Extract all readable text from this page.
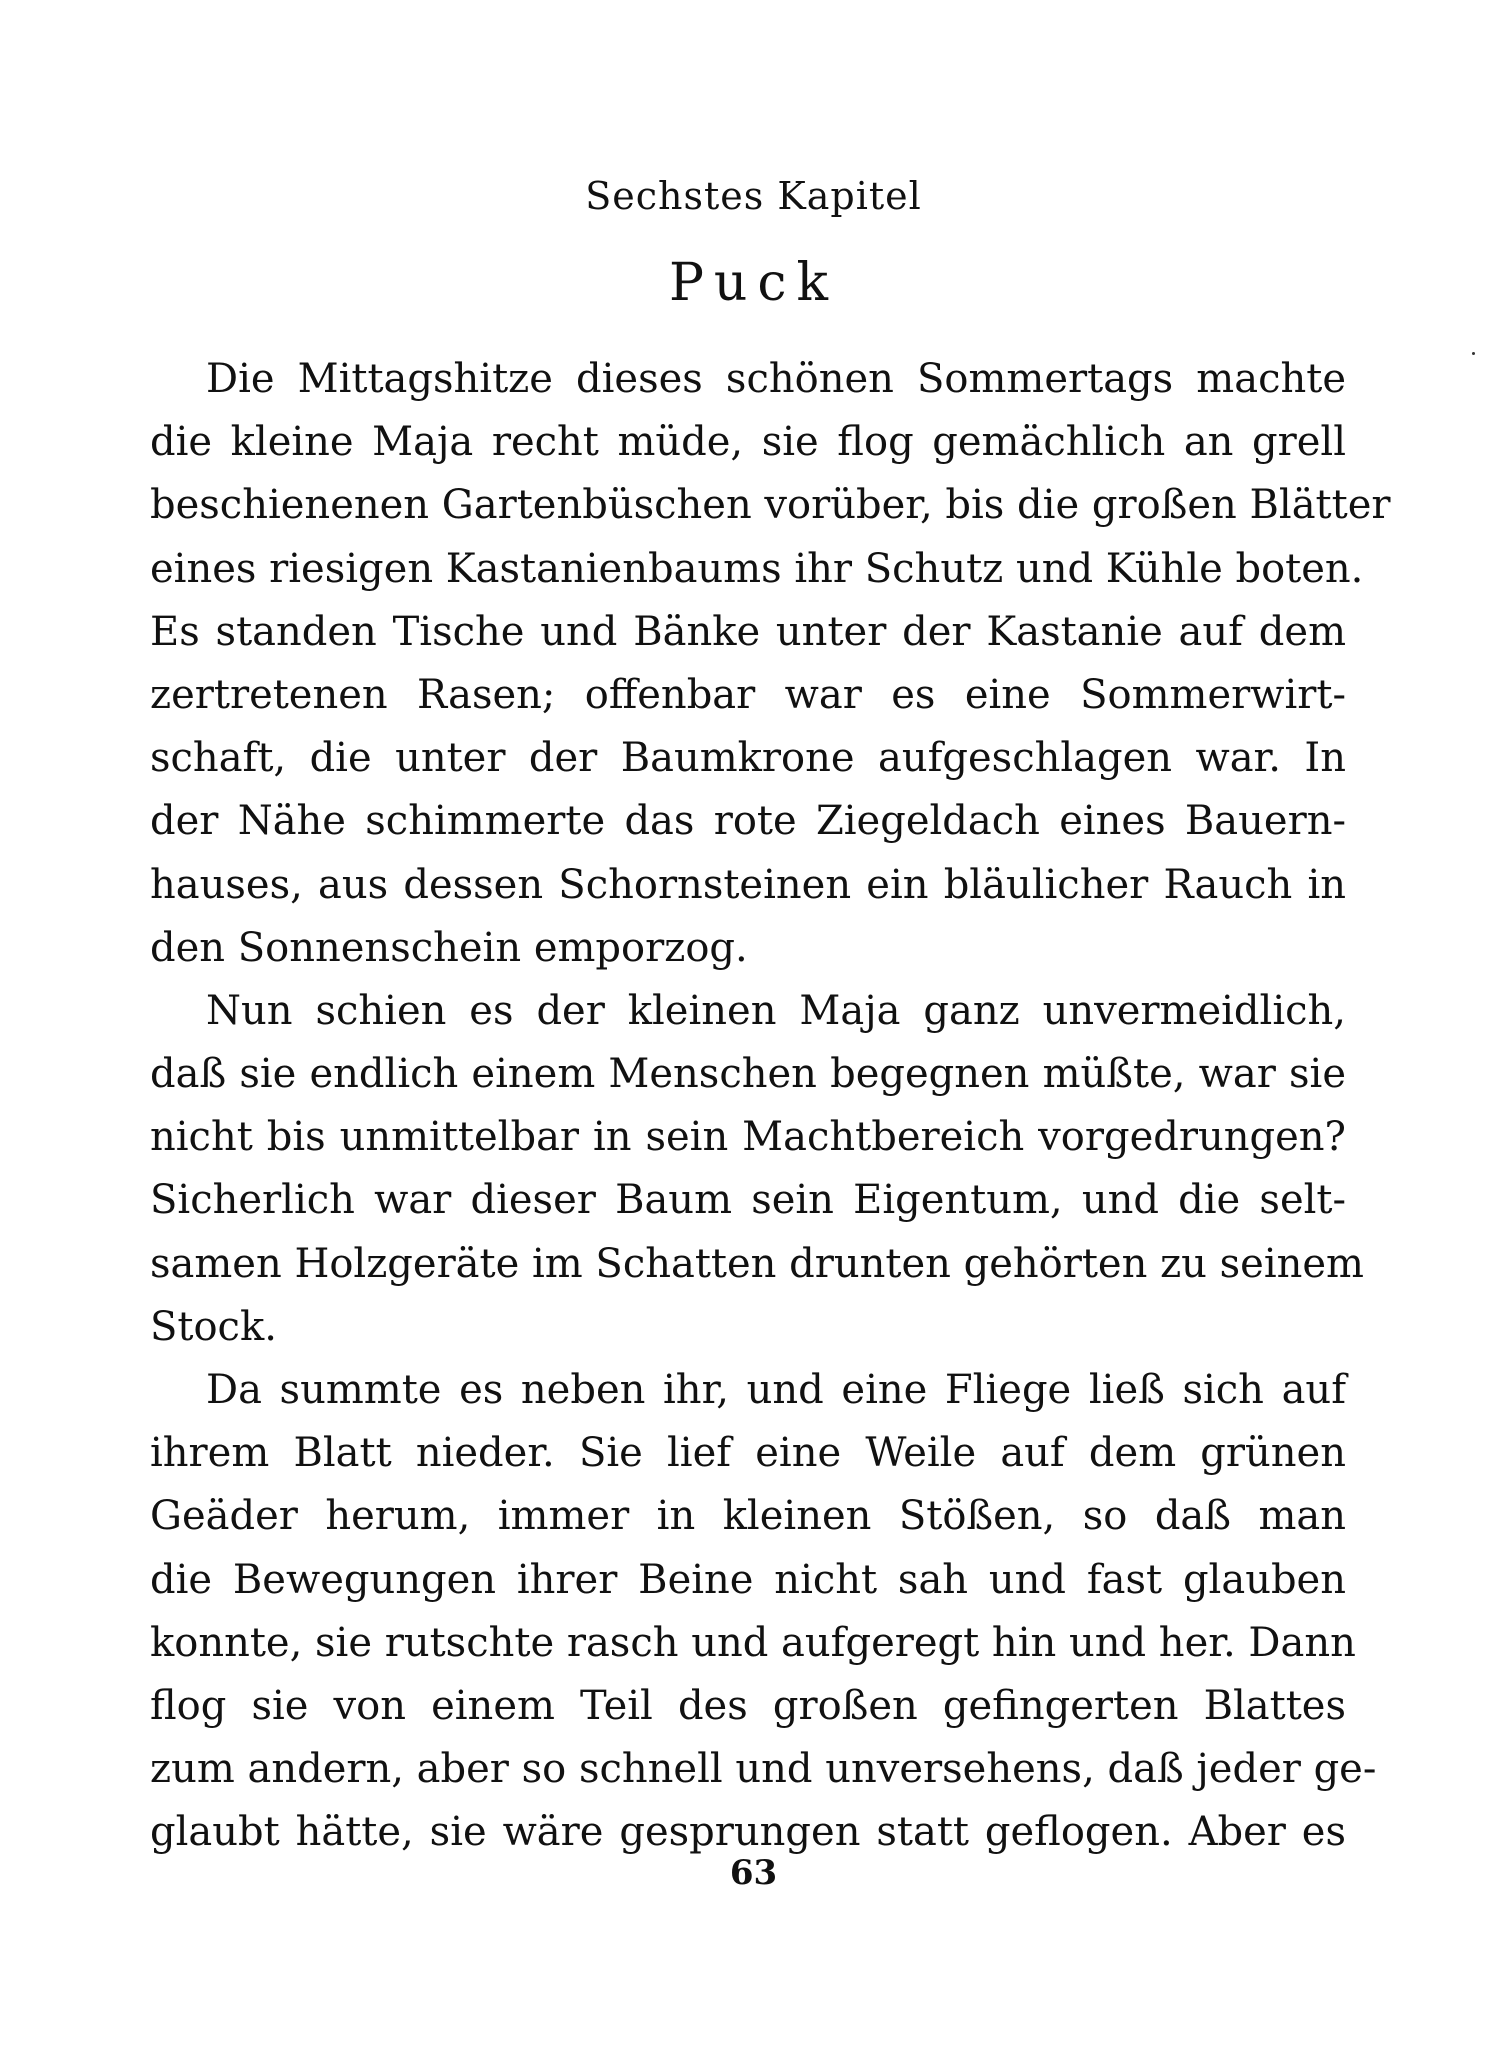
Sechstes Kapitel
Puck
Die Mittagshitze dieses schönen Sommertags machte
die kleine Maja recht müde, sie flog gemächlich an grell
beschienenen Gartenbüschen vorüber, bis die großen Blätter
eines riesigen Kastanienbaums ihr Schutz und Kühle boten.
Es standen Tische und Bänke unter der Kastanie auf dem
zertretenen Rasen; offenbar war es eine Sommerwirt-
schaft, die unter der Baumkrone aufgeschlagen war. In
der Nähe schimmerte das rote Ziegeldach eines Bauern-
hauses, aus dessen Schornsteinen ein bläulicher Rauch in
den Sonnenschein emporzog.
Nun schien es der kleinen Maja ganz unvermeidlich,
daß sie endlich einem Menschen begegnen müßte, war sie
nicht bis unmittelbar in sein Machtbereich vorgedrungen?
Sicherlich war dieser Baum sein Eigentum, und die selt-
samen Holzgeräte im Schatten drunten gehörten zu seinem
Stock.
Da summte es neben ihr, und eine Fliege ließ sich auf
ihrem Blatt nieder. Sie lief eine Weile auf dem grünen
Geäder herum, immer in kleinen Stößen, so daß man
die Bewegungen ihrer Beine nicht sah und fast glauben
konnte, sie rutschte rasch und aufgeregt hin und her. Dann
flog sie von einem Teil des großen gefingerten Blattes
zum andern, aber so schnell und unversehens, daß jeder ge-
glaubt hätte, sie wäre gesprungen statt geflogen. Aber es
63
